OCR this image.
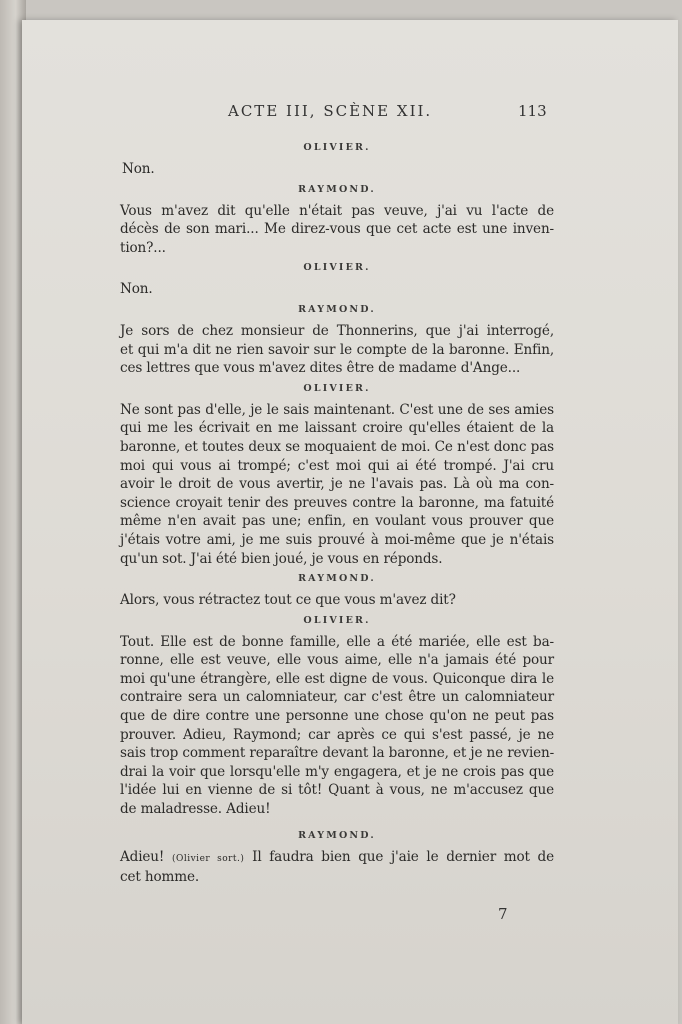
ACTE III, SCÈNE XII.	113
OLIVIER.
Non.
RAYMOND.
Vous m'avez dit qu'elle n'était pas veuve, j'ai vu l'acte de
décès de son mari... Me direz-vous que cet acte est une inven-
tion?...
OLIVIER.
Non.
RAYMOND.
Je sors de chez monsieur de Thonnerins, que j'ai interrogé,
et qui m'a dit ne rien savoir sur le compte de la baronne. Enfin,
ces lettres que vous m'avez dites être de madame d'Ange...
OLIVIER.
Ne sont pas d'elle, je le sais maintenant. C'est une de ses amies
qui me les écrivait en me laissant croire qu'elles étaient de la
baronne, et toutes deux se moquaient de moi. Ce n'est donc pas
moi qui vous ai trompé; c'est moi qui ai été trompé. J'ai cru
avoir le droit de vous avertir, je ne l'avais pas. Là où ma con-
science croyait tenir des preuves contre la baronne, ma fatuité
même n'en avait pas une; enfin, en voulant vous prouver que
j'étais votre ami, je me suis prouvé à moi-même que je n'étais
qu'un sot. J'ai été bien joué, je vous en réponds.
RAYMOND.
Alors, vous rétractez tout ce que vous m'avez dit?
OLIVIER.
Tout. Elle est de bonne famille, elle a été mariée, elle est ba-
ronne, elle est veuve, elle vous aime, elle n'a jamais été pour
moi qu'une étrangère, elle est digne de vous. Quiconque dira le
contraire sera un calomniateur, car c'est être un calomniateur
que de dire contre une personne une chose qu'on ne peut pas
prouver. Adieu, Raymond; car après ce qui s'est passé, je ne
sais trop comment reparaître devant la baronne, et je ne revien-
drai la voir que lorsqu'elle m'y engagera, et je ne crois pas que
l'idée lui en vienne de si tôt! Quant à vous, ne m'accusez que
de maladresse. Adieu!
RAYMOND.
Adieu! (Olivier sort.) Il faudra bien que j'aie le dernier mot de
cet homme.
7
